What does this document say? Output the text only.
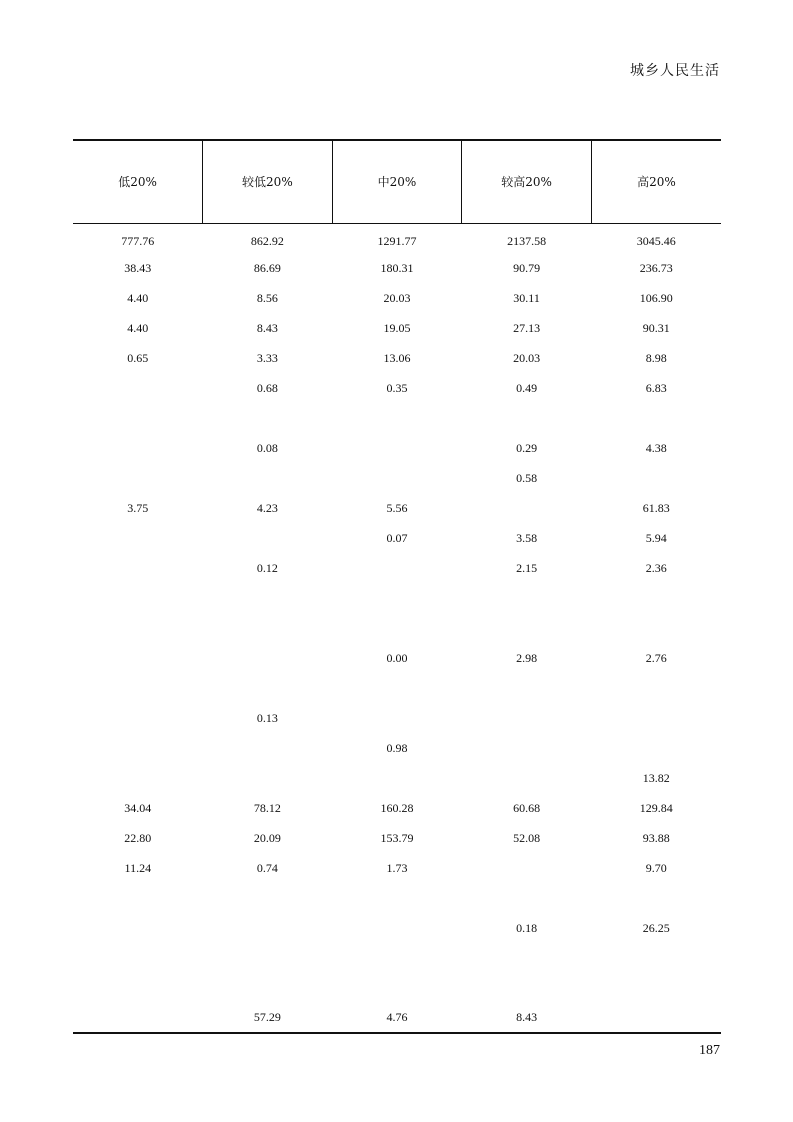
城乡人民生活
低20%	较低20%	中20%	较高20%	高20%
777.76	862.92	1291.77	2137.58	3045.46
38.43	86.69	180.31	90.79	236.73
4.40	8.56	20.03	30.11	106.90
4.40	8.43	19.05	27.13	90.31
0.65	3.33	13.06	20.03	8.98
	0.68	0.35	0.49	6.83

	0.08		0.29	4.38
			0.58	
3.75	4.23	5.56		61.83
		0.07	3.58	5.94
	0.12		2.15	2.36

		0.00	2.98	2.76

	0.13			
		0.98		
				13.82
34.04	78.12	160.28	60.68	129.84
22.80	20.09	153.79	52.08	93.88
11.24	0.74	1.73		9.70

			0.18	26.25

	57.29	4.76	8.43	
187
